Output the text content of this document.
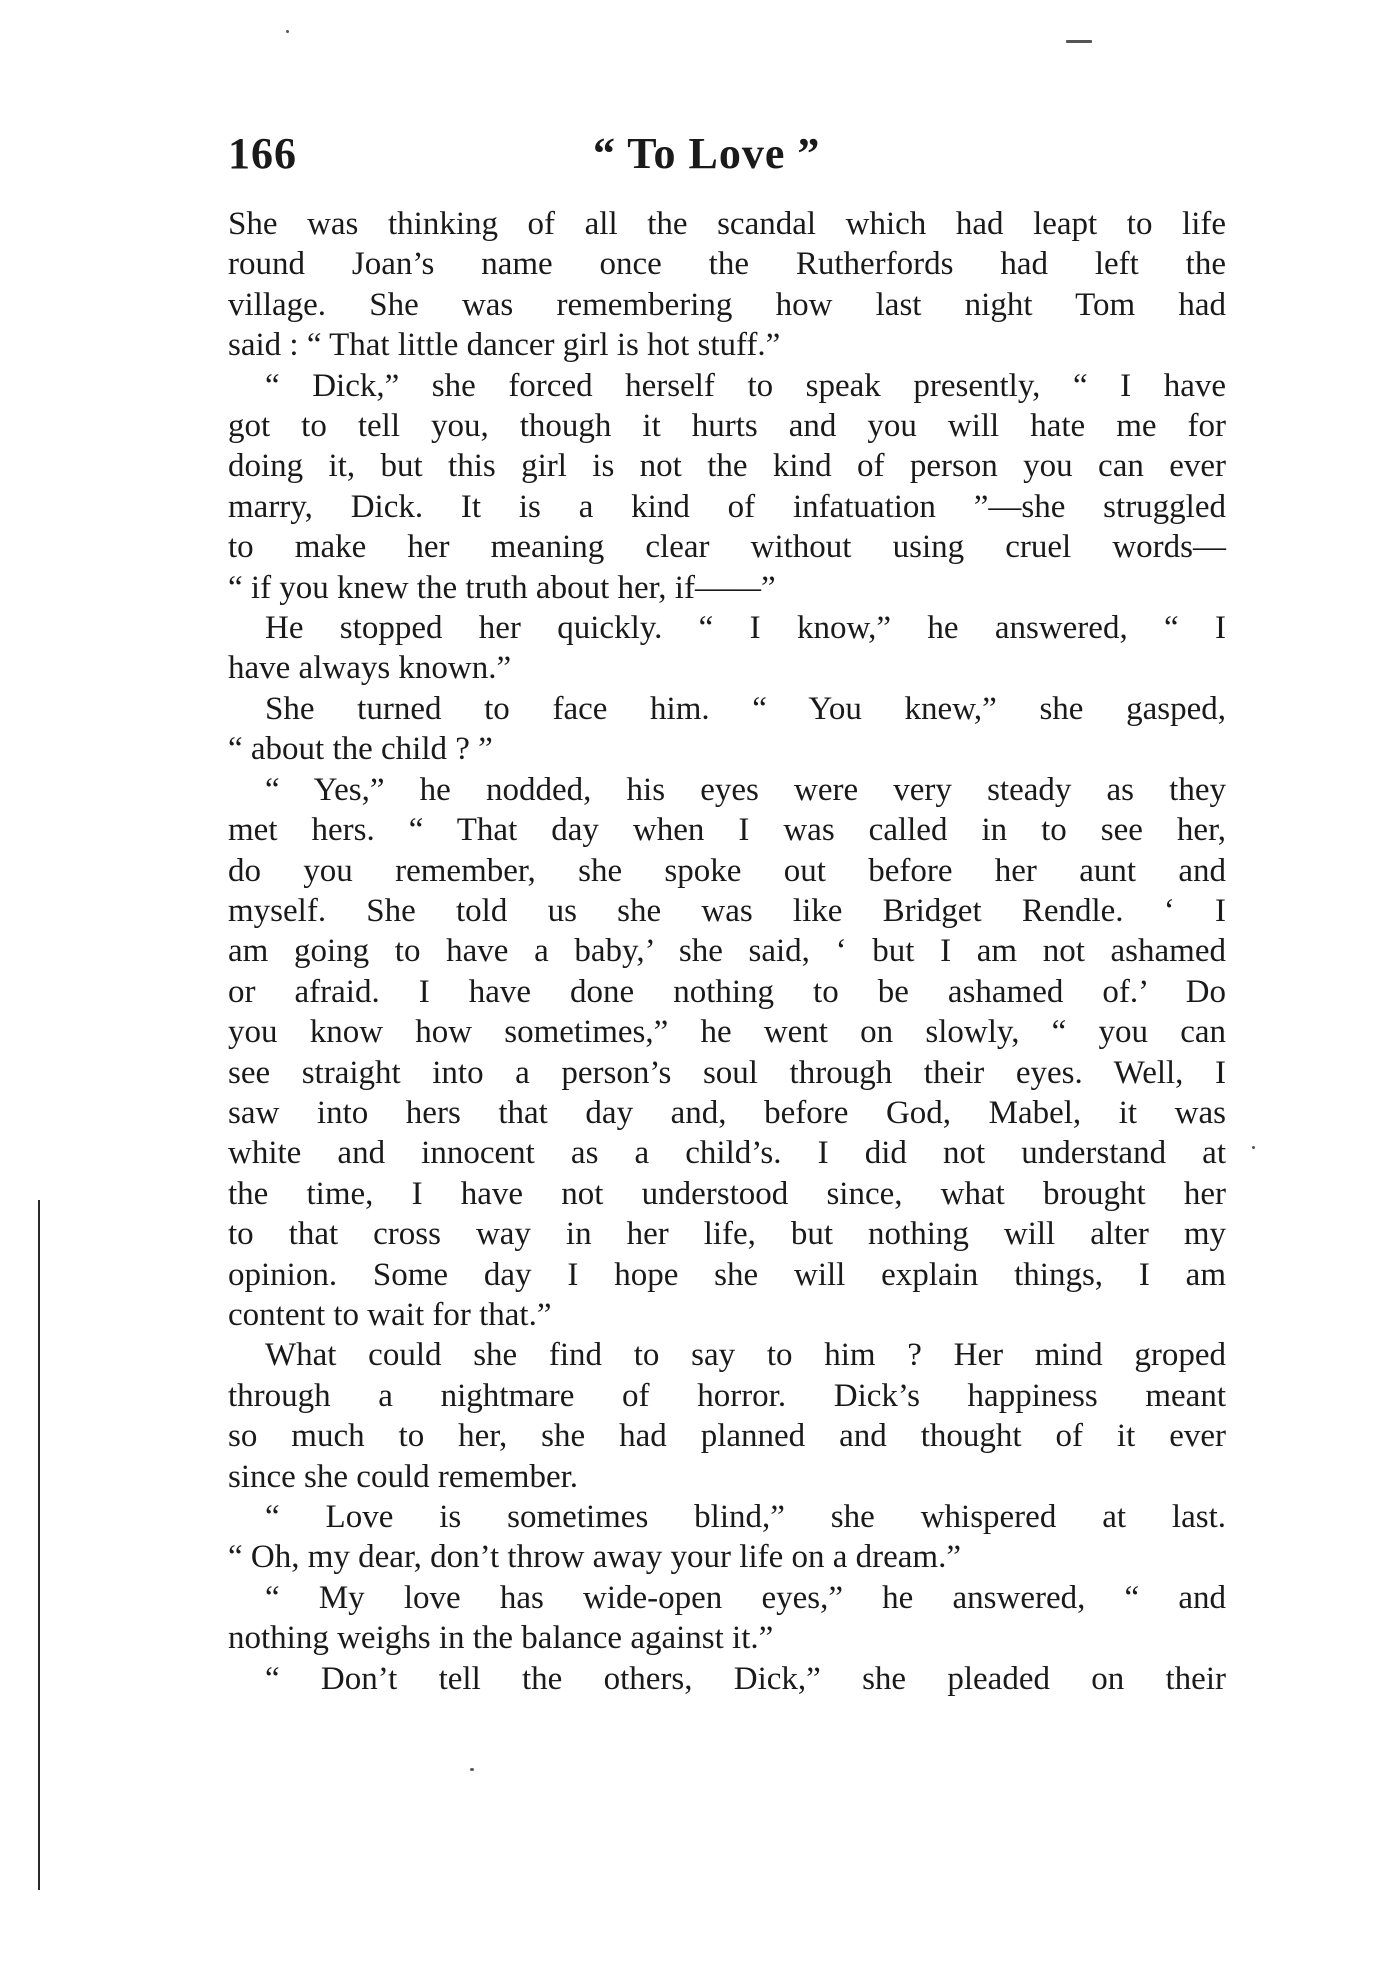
166	“ To Love ”

She was thinking of all the scandal which had leapt to life

round Joan’s name once the Rutherfords had left the

village. She was remembering how last night Tom had

said : “ That little dancer girl is hot stuff.”

“ Dick,” she forced herself to speak presently, “ I have

got to tell you, though it hurts and you will hate me for

doing it, but this girl is not the kind of person you can ever

marry, Dick. It is a kind of infatuation ”—she struggled

to make her meaning clear without using cruel words—

“ if you knew the truth about her, if——”

He stopped her quickly. “ I know,” he answered, “ I

have always known.”

She turned to face him. “ You knew,” she gasped,

“ about the child ? ”

“ Yes,” he nodded, his eyes were very steady as they

met hers. “ That day when I was called in to see her,

do you remember, she spoke out before her aunt and

myself. She told us she was like Bridget Rendle. ‘ I

am going to have a baby,’ she said, ‘ but I am not ashamed

or afraid. I have done nothing to be ashamed of.’ Do

you know how sometimes,” he went on slowly, “ you can

see straight into a person’s soul through their eyes. Well, I

saw into hers that day and, before God, Mabel, it was

white and innocent as a child’s. I did not understand at

the time, I have not understood since, what brought her

to that cross way in her life, but nothing will alter my

opinion. Some day I hope she will explain things, I am

content to wait for that.”

What could she find to say to him ? Her mind groped

through a nightmare of horror. Dick’s happiness meant

so much to her, she had planned and thought of it ever

since she could remember.

“ Love is sometimes blind,” she whispered at last.

“ Oh, my dear, don’t throw away your life on a dream.”

“ My love has wide-open eyes,” he answered, “ and

nothing weighs in the balance against it.”

“ Don’t tell the others, Dick,” she pleaded on their
